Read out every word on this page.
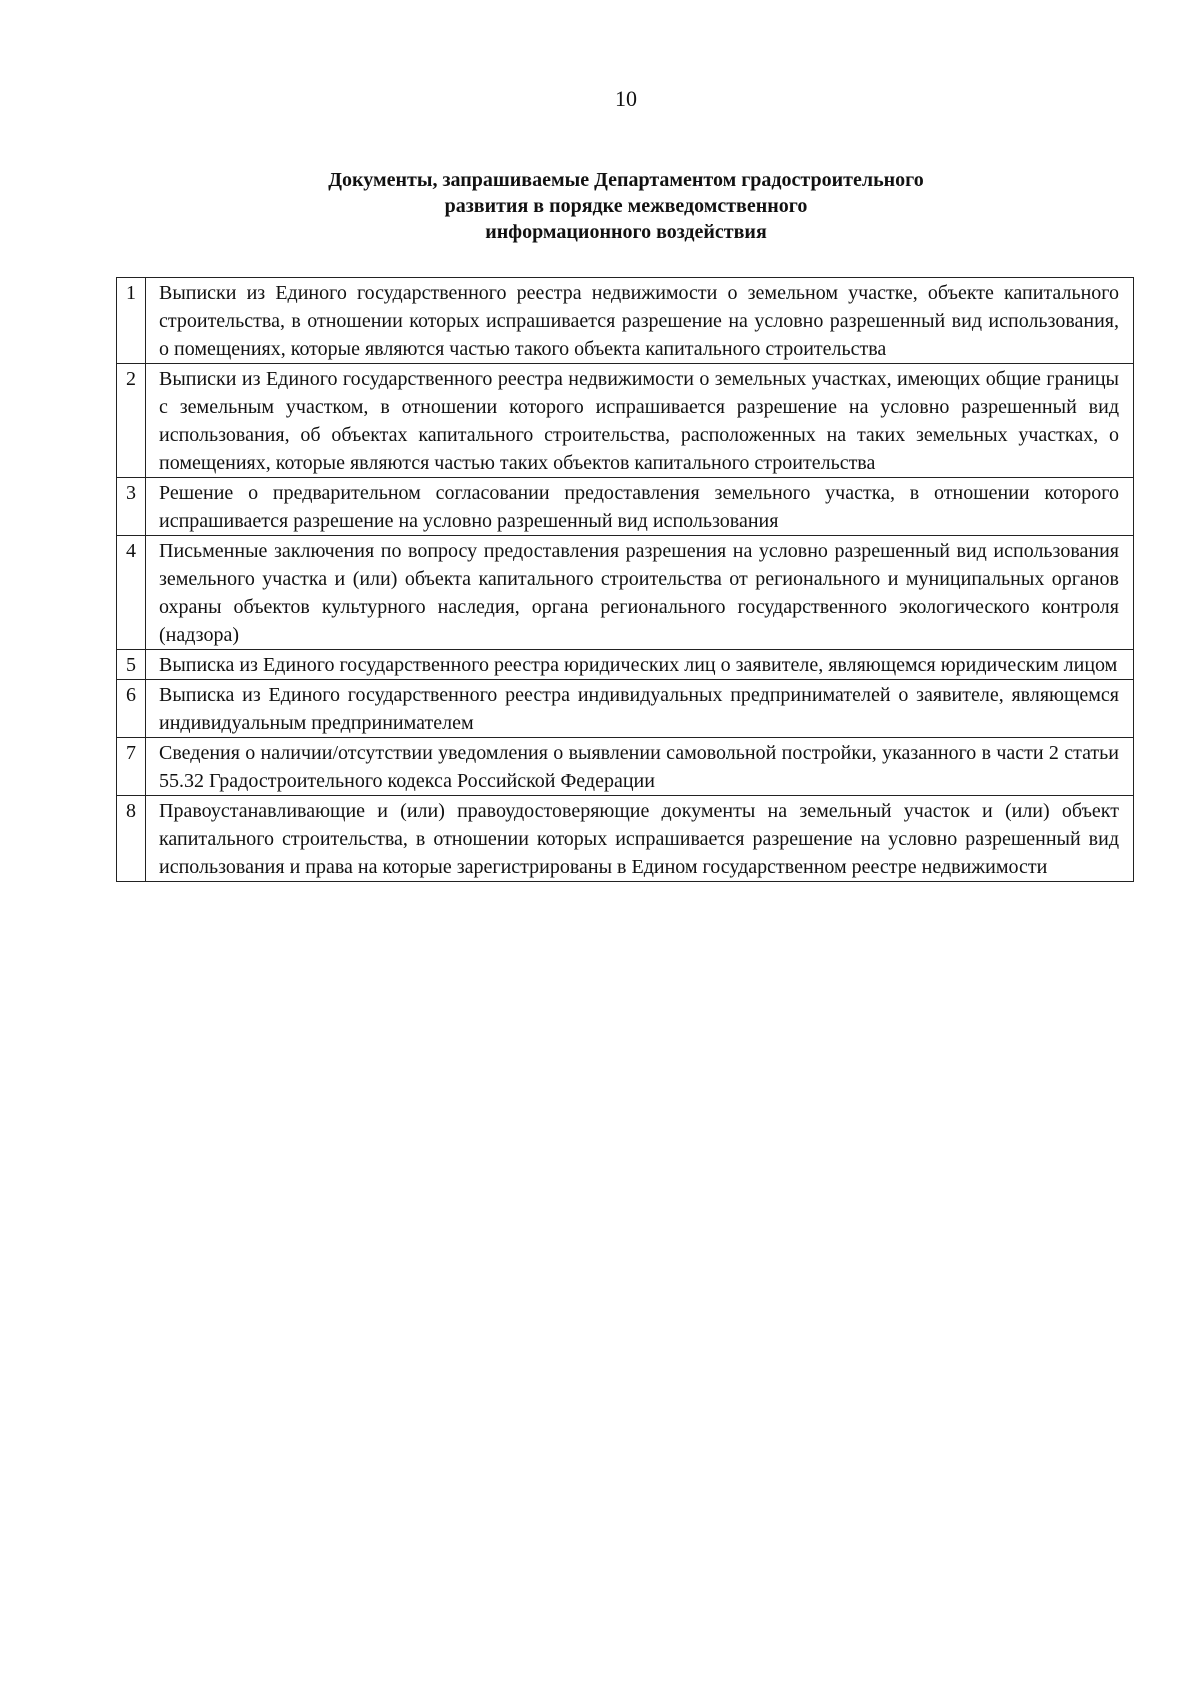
10
Документы, запрашиваемые Департаментом градостроительного
развития в порядке межведомственного
информационного воздействия
1	Выписки из Единого государственного реестра недвижимости о земельном участке, объекте капитального строительства, в отношении которых испрашивается разрешение на условно разрешенный вид использования, о помещениях, которые являются частью такого объекта капитального строительства
2	Выписки из Единого государственного реестра недвижимости о земельных участках, имеющих общие границы с земельным участком, в отношении которого испрашивается разрешение на условно разрешенный вид использования, об объектах капитального строительства, расположенных на таких земельных участках, о помещениях, которые являются частью таких объектов капитального строительства
3	Решение о предварительном согласовании предоставления земельного участка, в отношении которого испрашивается разрешение на условно разрешенный вид использования
4	Письменные заключения по вопросу предоставления разрешения на условно разрешенный вид использования земельного участка и (или) объекта капитального строительства от регионального и муниципальных органов охраны объектов культурного наследия, органа регионального государственного экологического контроля (надзора)
5	Выписка из Единого государственного реестра юридических лиц о заявителе, являющемся юридическим лицом
6	Выписка из Единого государственного реестра индивидуальных предпринимателей о заявителе, являющемся индивидуальным предпринимателем
7	Сведения о наличии/отсутствии уведомления о выявлении самовольной постройки, указанного в части 2 статьи 55.32 Градостроительного кодекса Российской Федерации
8	Правоустанавливающие и (или) правоудостоверяющие документы на земельный участок и (или) объект капитального строительства, в отношении которых испрашивается разрешение на условно разрешенный вид использования и права на которые зарегистрированы в Едином государственном реестре недвижимости
